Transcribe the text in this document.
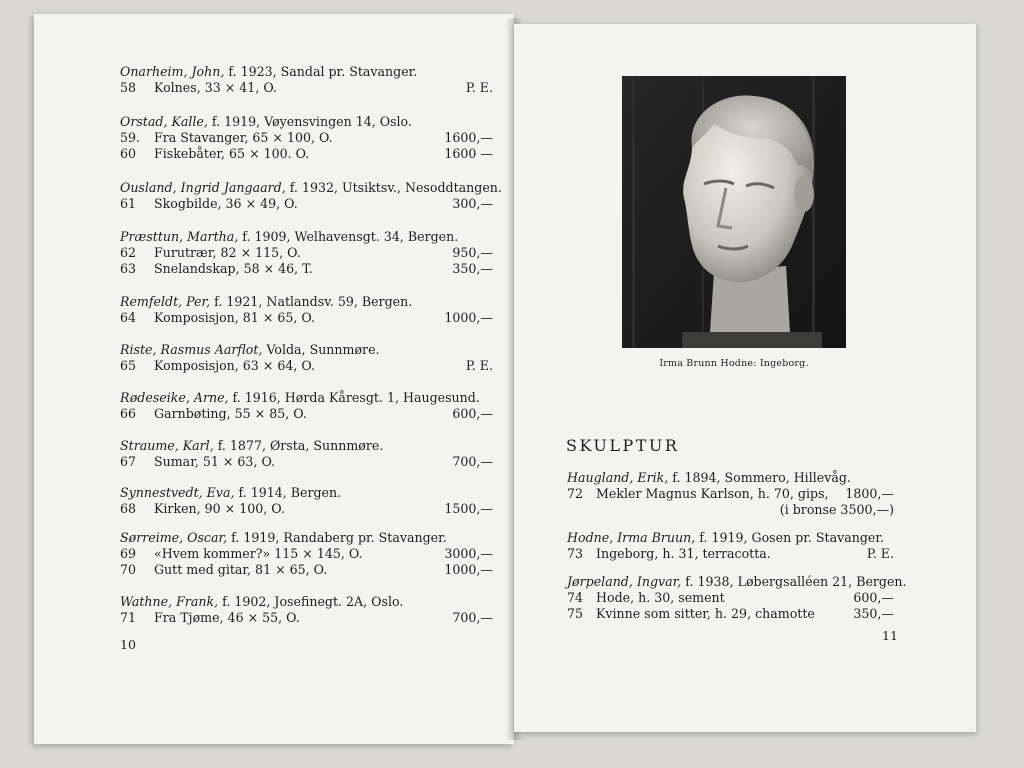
Onarheim, John, f. 1923, Sandal pr. Stavanger.
58 Kolnes, 33 × 41, O.	P. E.
Orstad, Kalle, f. 1919, Vøyensvingen 14, Oslo.
59. Fra Stavanger, 65 × 100, O.	1600,—
60 Fiskebåter, 65 × 100. O.	1600 —
Ousland, Ingrid Jangaard, f. 1932, Utsiktsv., Nesoddtangen.
61 Skogbilde, 36 × 49, O.	300,—
Præsttun, Martha, f. 1909, Welhavensgt. 34, Bergen.
62 Furutrær, 82 × 115, O.	950,—
63 Snelandskap, 58 × 46, T.	350,—
Remfeldt, Per, f. 1921, Natlandsv. 59, Bergen.
64 Komposisjon, 81 × 65, O.	1000,—
Riste, Rasmus Aarflot, Volda, Sunnmøre.
65 Komposisjon, 63 × 64, O.	P. E.
Rødeseike, Arne, f. 1916, Hørda Kåresgt. 1, Haugesund.
66 Garnbøting, 55 × 85, O.	600,—
Straume, Karl, f. 1877, Ørsta, Sunnmøre.
67 Sumar, 51 × 63, O.	700,—
Synnestvedt, Eva, f. 1914, Bergen.
68 Kirken, 90 × 100, O.	1500,—
Sørreime, Oscar, f. 1919, Randaberg pr. Stavanger.
69 «Hvem kommer?» 115 × 145, O.	3000,—
70 Gutt med gitar, 81 × 65, O.	1000,—
Wathne, Frank, f. 1902, Josefinegt. 2A, Oslo.
71 Fra Tjøme, 46 × 55, O.	700,—
10
Irma Brunn Hodne: Ingeborg.
SKULPTUR
Haugland, Erik, f. 1894, Sommero, Hillevåg.
72 Mekler Magnus Karlson, h. 70, gips, 1800,—
(i bronse 3500,—)
Hodne, Irma Bruun, f. 1919, Gosen pr. Stavanger.
73 Ingeborg, h. 31, terracotta.	P. E.
Jørpeland, Ingvar, f. 1938, Løbergsalléen 21, Bergen.
74 Hode, h. 30, sement	600,—
75 Kvinne som sitter, h. 29, chamotte	350,—
11
